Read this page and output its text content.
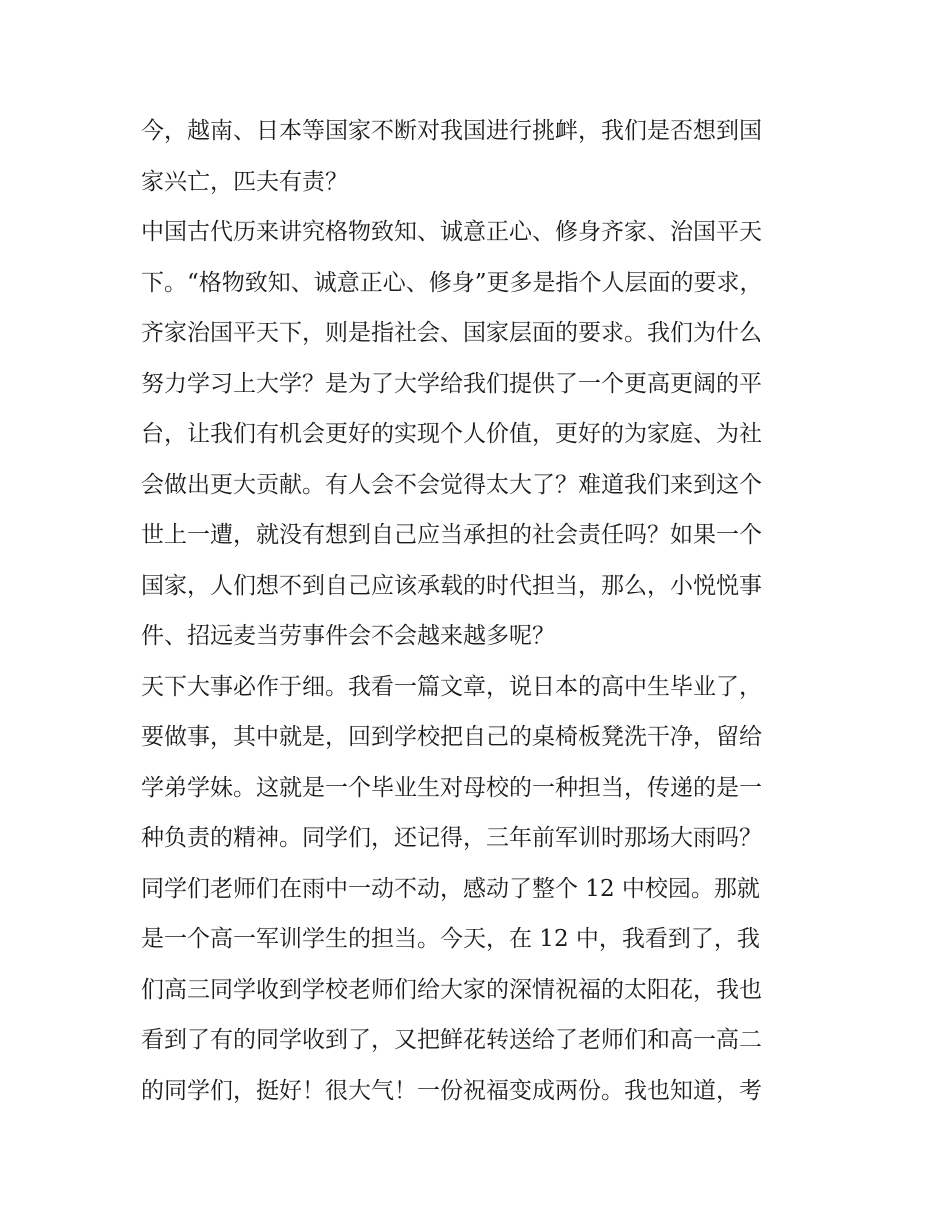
今，越南、日本等国家不断对我国进行挑衅，我们是否想到国
家兴亡，匹夫有责？
中国古代历来讲究格物致知、诚意正心、修身齐家、治国平天
下。“格物致知、诚意正心、修身”更多是指个人层面的要求，
齐家治国平天下，则是指社会、国家层面的要求。我们为什么
努力学习上大学？是为了大学给我们提供了一个更高更阔的平
台，让我们有机会更好的实现个人价值，更好的为家庭、为社
会做出更大贡献。有人会不会觉得太大了？难道我们来到这个
世上一遭，就没有想到自己应当承担的社会责任吗？如果一个
国家，人们想不到自己应该承载的时代担当，那么，小悦悦事
件、招远麦当劳事件会不会越来越多呢？
天下大事必作于细。我看一篇文章，说日本的高中生毕业了，
要做事，其中就是，回到学校把自己的桌椅板凳洗干净，留给
学弟学妹。这就是一个毕业生对母校的一种担当，传递的是一
种负责的精神。同学们，还记得，三年前军训时那场大雨吗？
同学们老师们在雨中一动不动，感动了整个 12 中校园。那就
是一个高一军训学生的担当。今天，在 12 中，我看到了，我
们高三同学收到学校老师们给大家的深情祝福的太阳花，我也
看到了有的同学收到了，又把鲜花转送给了老师们和高一高二
的同学们，挺好！很大气！一份祝福变成两份。我也知道，考
